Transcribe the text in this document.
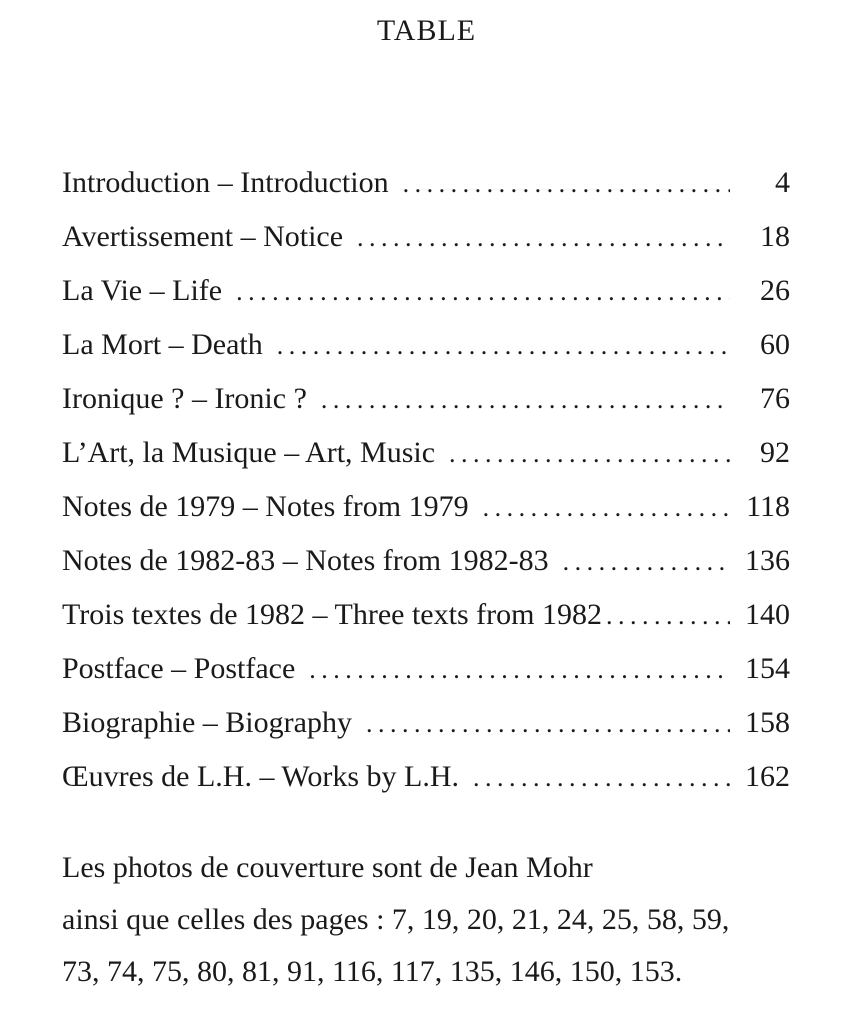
TABLE
Introduction – Introduction . . .	4
Avertissement – Notice . . .	18
La Vie – Life . . .	26
La Mort – Death . . .	60
Ironique ? – Ironic ? . . .	76
L’Art, la Musique – Art, Music . . .	92
Notes de 1979 – Notes from 1979 . . .	118
Notes de 1982-83 – Notes from 1982-83 . . .	136
Trois textes de 1982 – Three texts from 1982 . . .	140
Postface – Postface . . .	154
Biographie – Biography . . .	158
Œuvres de L.H. – Works by L.H. . . .	162
Les photos de couverture sont de Jean Mohr
ainsi que celles des pages : 7, 19, 20, 21, 24, 25, 58, 59,
73, 74, 75, 80, 81, 91, 116, 117, 135, 146, 150, 153.
